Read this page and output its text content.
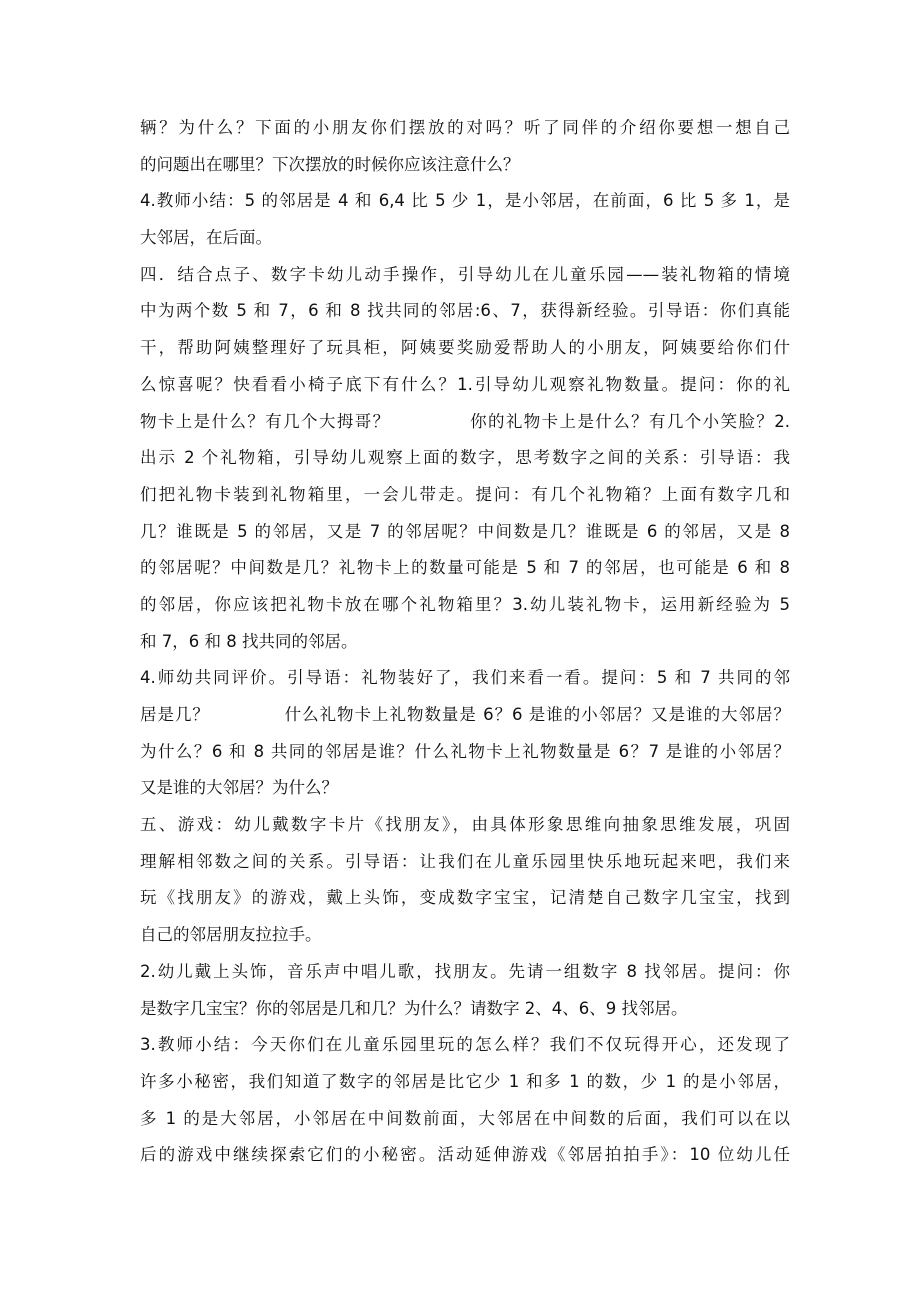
辆？为什么？下面的小朋友你们摆放的对吗？听了同伴的介绍你要想一想自己
的问题出在哪里？下次摆放的时候你应该注意什么？
4.教师小结：5 的邻居是 4 和 6,4 比 5 少 1，是小邻居，在前面，6 比 5 多 1，是
大邻居，在后面。
四．结合点子、数字卡幼儿动手操作，引导幼儿在儿童乐园——装礼物箱的情境
中为两个数 5 和 7，6 和 8 找共同的邻居:6、7，获得新经验。引导语：你们真能
干，帮助阿姨整理好了玩具柜，阿姨要奖励爱帮助人的小朋友，阿姨要给你们什
么惊喜呢？快看看小椅子底下有什么？1.引导幼儿观察礼物数量。提问：你的礼
物卡上是什么？有几个大拇哥？            你的礼物卡上是什么？有几个小笑脸？2.
出示 2 个礼物箱，引导幼儿观察上面的数字，思考数字之间的关系：引导语：我
们把礼物卡装到礼物箱里，一会儿带走。提问：有几个礼物箱？上面有数字几和
几？谁既是 5 的邻居，又是 7 的邻居呢？中间数是几？谁既是 6 的邻居，又是 8
的邻居呢？中间数是几？礼物卡上的数量可能是 5 和 7 的邻居，也可能是 6 和 8
的邻居，你应该把礼物卡放在哪个礼物箱里？3.幼儿装礼物卡，运用新经验为 5
和 7，6 和 8 找共同的邻居。
4.师幼共同评价。引导语：礼物装好了，我们来看一看。提问：5 和 7 共同的邻
居是几？            什么礼物卡上礼物数量是 6？6 是谁的小邻居？又是谁的大邻居？
为什么？6 和 8 共同的邻居是谁？什么礼物卡上礼物数量是 6？7 是谁的小邻居？
又是谁的大邻居？为什么？
五、游戏：幼儿戴数字卡片《找朋友》，由具体形象思维向抽象思维发展，巩固
理解相邻数之间的关系。引导语：让我们在儿童乐园里快乐地玩起来吧，我们来
玩《找朋友》的游戏，戴上头饰，变成数字宝宝，记清楚自己数字几宝宝，找到
自己的邻居朋友拉拉手。
2.幼儿戴上头饰，音乐声中唱儿歌，找朋友。先请一组数字 8 找邻居。提问：你
是数字几宝宝？你的邻居是几和几？为什么？请数字 2、4、6、9 找邻居。
3.教师小结：今天你们在儿童乐园里玩的怎么样？我们不仅玩得开心，还发现了
许多小秘密，我们知道了数字的邻居是比它少 1 和多 1 的数，少 1 的是小邻居，
多 1 的是大邻居，小邻居在中间数前面，大邻居在中间数的后面，我们可以在以
后的游戏中继续探索它们的小秘密。活动延伸游戏《邻居拍拍手》：10 位幼儿任
